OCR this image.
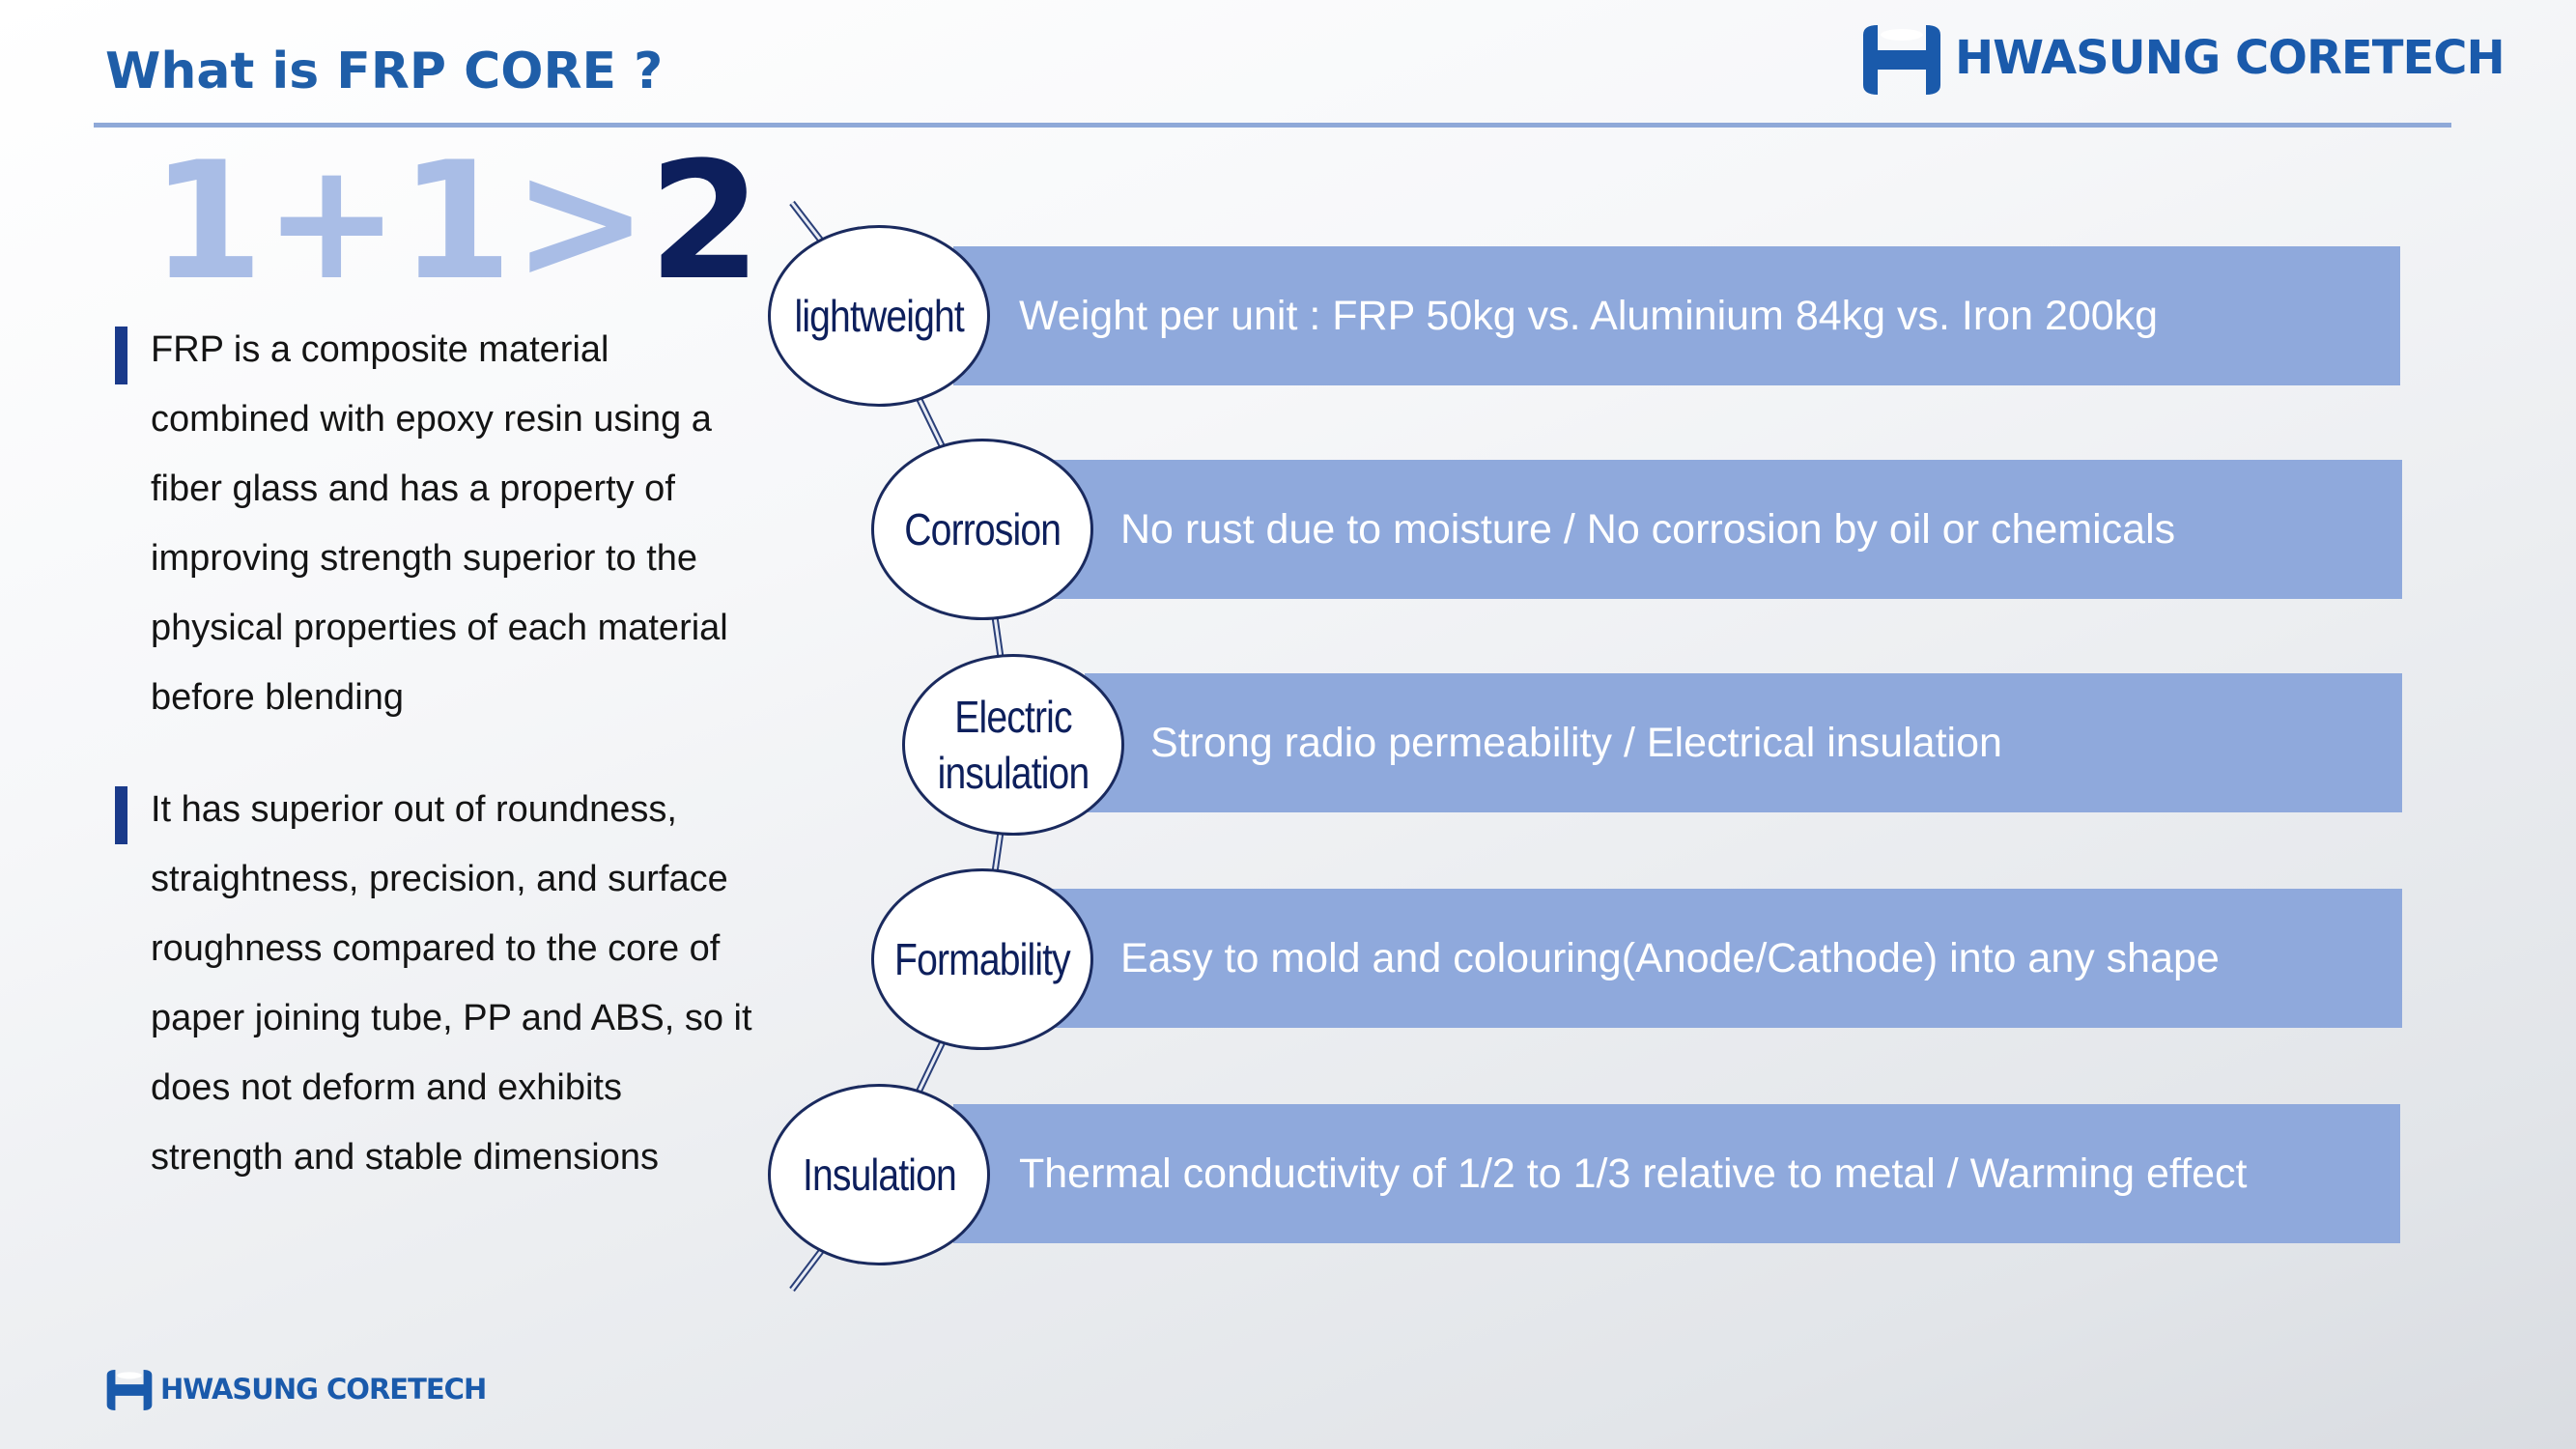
What is FRP CORE ?	HWASUNG CORETECH
1+1>2
FRP is a composite material combined with epoxy resin using a fiber glass and has a property of improving strength superior to the physical properties of each material before blending
It has superior out of roundness, straightness, precision, and surface roughness compared to the core of paper joining tube, PP and ABS, so it does not deform and exhibits strength and stable dimensions
Weight per unit : FRP 50kg vs. Aluminium 84kg vs. Iron 200kg
No rust due to moisture / No corrosion by oil or chemicals
Strong radio permeability / Electrical insulation
Easy to mold and colouring(Anode/Cathode) into any shape
Thermal conductivity of 1/2 to 1/3 relative to metal / Warming effect
lightweight
Corrosion
Electric insulation
Formability
Insulation
HWASUNG CORETECH
